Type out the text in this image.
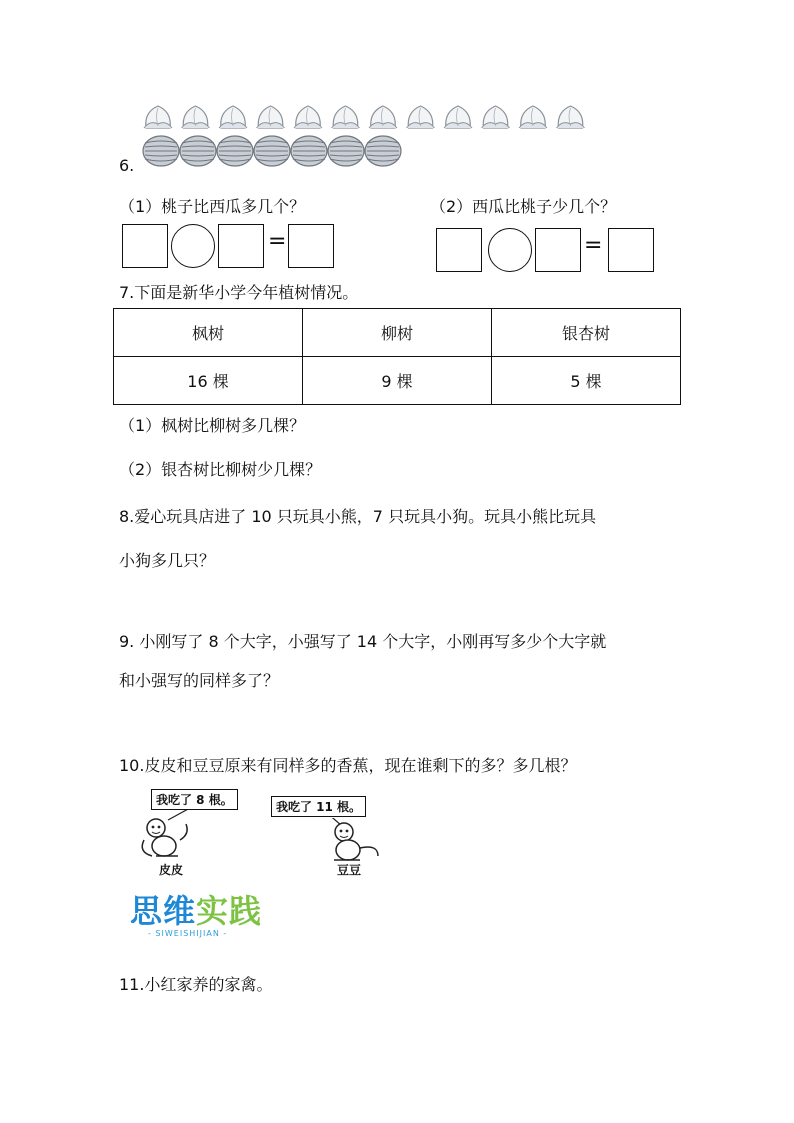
6.
（1）桃子比西瓜多几个？	（2）西瓜比桃子少几个？
=	=
7.下面是新华小学今年植树情况。
枫树	柳树	银杏树
16 棵	9 棵	5 棵
（1）枫树比柳树多几棵？
（2）银杏树比柳树少几棵？
8.爱心玩具店进了 10 只玩具小熊，7 只玩具小狗。玩具小熊比玩具
小狗多几只？
9. 小刚写了 8 个大字，小强写了 14 个大字，小刚再写多少个大字就
和小强写的同样多了？
10.皮皮和豆豆原来有同样多的香蕉，现在谁剩下的多？多几根？
我吃了 8 根。	我吃了 11 根。
皮皮	豆豆
思维实践
- SIWEISHIJIAN -
11.小红家养的家禽。
